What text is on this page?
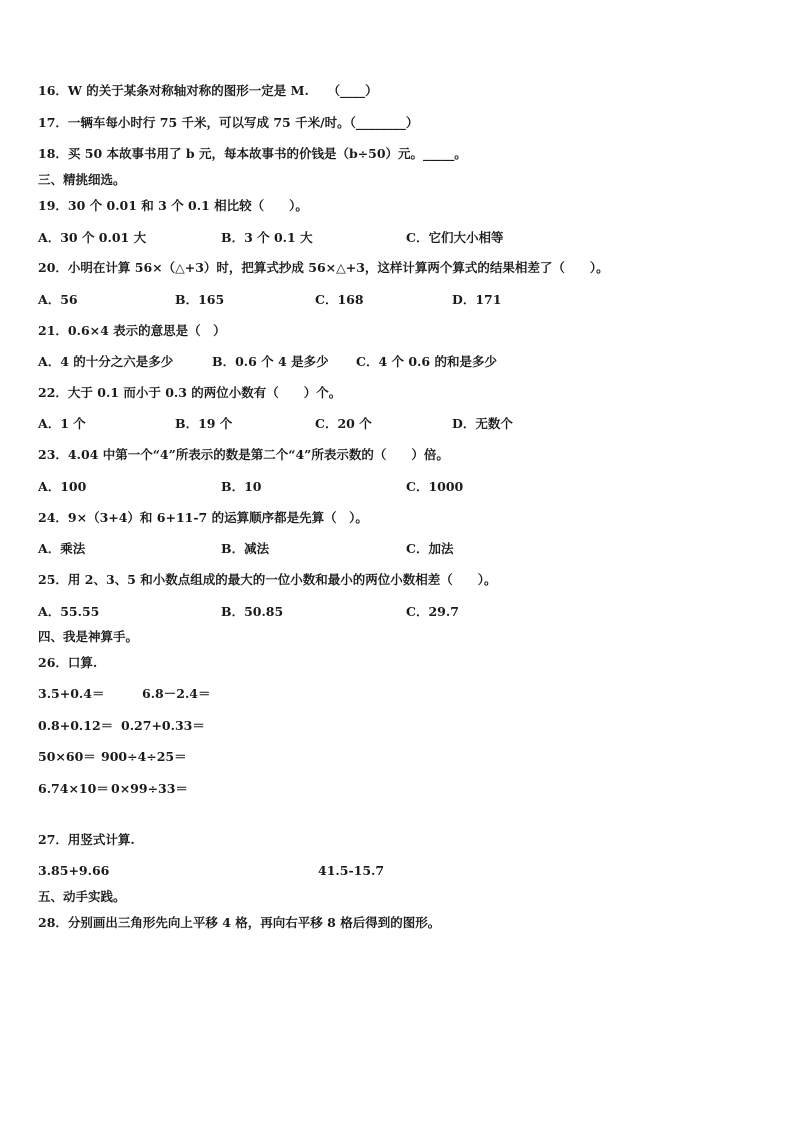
16．W 的关于某条对称轴对称的图形一定是 M.　　（____）
17．一辆车每小时行 75 千米，可以写成 75 千米/时。（________）
18．买 50 本故事书用了 b 元，每本故事书的价钱是（b÷50）元。_____。
三、精挑细选。
19．30 个 0.01 和 3 个 0.1 相比较（　　）。
A．30 个 0.01 大	B．3 个 0.1 大	C．它们大小相等
20．小明在计算 56×（△+3）时，把算式抄成 56×△+3，这样计算两个算式的结果相差了（　　）。
A．56	B．165	C．168	D．171
21．0.6×4 表示的意思是（　）
A．4 的十分之六是多少	B．0.6 个 4 是多少 C．4 个 0.6 的和是多少
22．大于 0.1 而小于 0.3 的两位小数有（　　）个。
A．1 个	B．19 个	C．20 个	D．无数个
23．4.04 中第一个“4”所表示的数是第二个“4”所表示数的（　　）倍。
A．100	B．10	C．1000
24．9×（3+4）和 6+11-7 的运算顺序都是先算（　）。
A．乘法	B．减法	C．加法
25．用 2、3、5 和小数点组成的最大的一位小数和最小的两位小数相差（　　）。
A．55.55	B．50.85	C．29.7
四、我是神算手。
26．口算.
3.5+0.4＝	6.8－2.4＝
0.8+0.12＝ 0.27+0.33＝
50×60＝ 900÷4÷25＝
6.74×10＝ 0×99÷33＝
27．用竖式计算.
3.85+9.66	41.5-15.7
五、动手实践。
28．分别画出三角形先向上平移 4 格，再向右平移 8 格后得到的图形。
